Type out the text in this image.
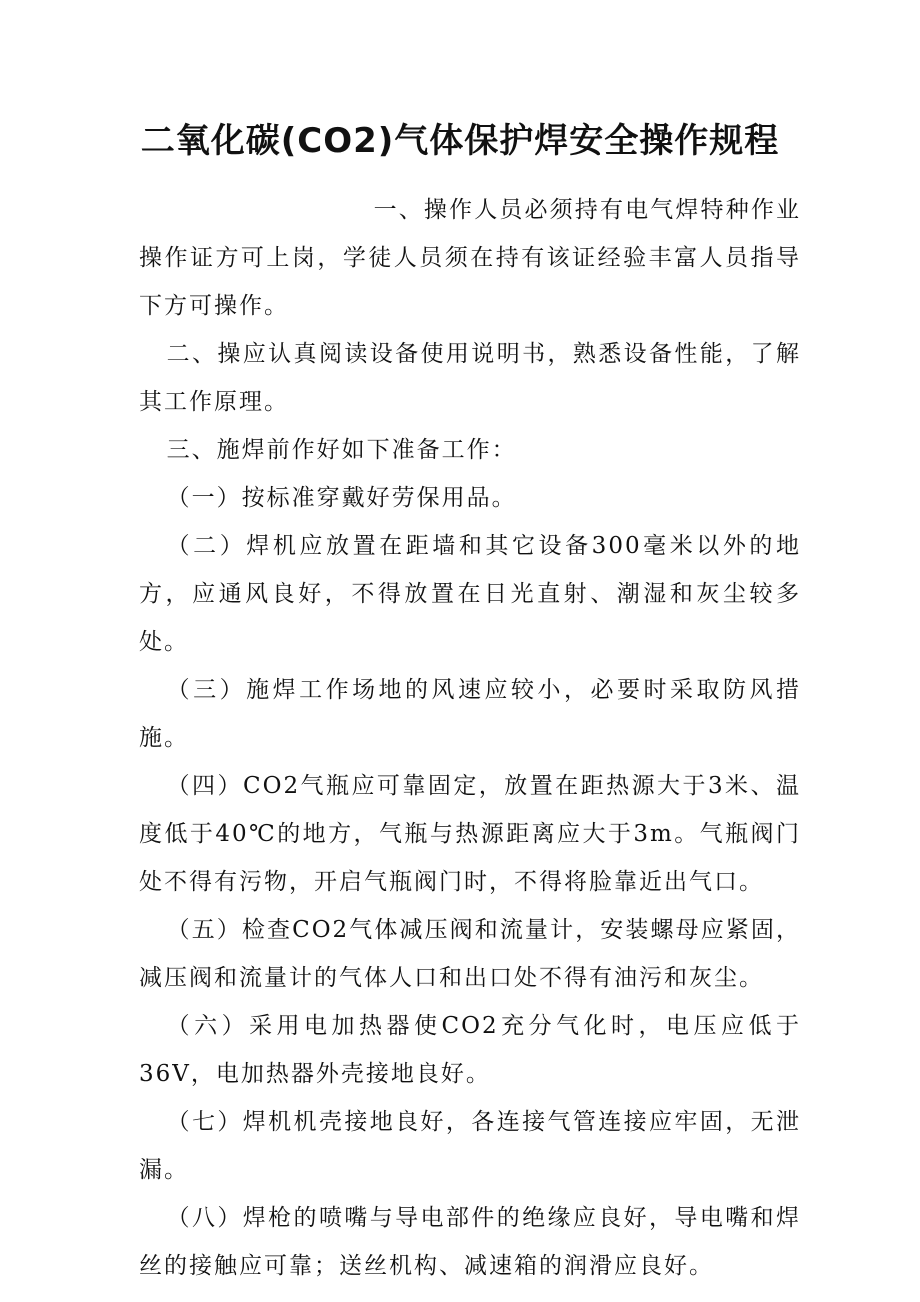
二氧化碳(CO2)气体保护焊安全操作规程

一、操作人员必须持有电气焊特种作业操作证方可上岗，学徒人员须在持有该证经验丰富人员指导下方可操作。

二、操应认真阅读设备使用说明书，熟悉设备性能，了解其工作原理。

三、施焊前作好如下准备工作：

（一）按标准穿戴好劳保用品。

（二）焊机应放置在距墙和其它设备300毫米以外的地方，应通风良好，不得放置在日光直射、潮湿和灰尘较多处。

（三）施焊工作场地的风速应较小，必要时采取防风措施。

（四）CO2气瓶应可靠固定，放置在距热源大于3米、温度低于40℃的地方，气瓶与热源距离应大于3m。气瓶阀门处不得有污物，开启气瓶阀门时，不得将脸靠近出气口。

（五）检查CO2气体减压阀和流量计，安装螺母应紧固，减压阀和流量计的气体人口和出口处不得有油污和灰尘。

（六）采用电加热器使CO2充分气化时，电压应低于36V，电加热器外壳接地良好。

（七）焊机机壳接地良好，各连接气管连接应牢固，无泄漏。

（八）焊枪的喷嘴与导电部件的绝缘应良好，导电嘴和焊丝的接触应可靠；送丝机构、减速箱的润滑应良好。
